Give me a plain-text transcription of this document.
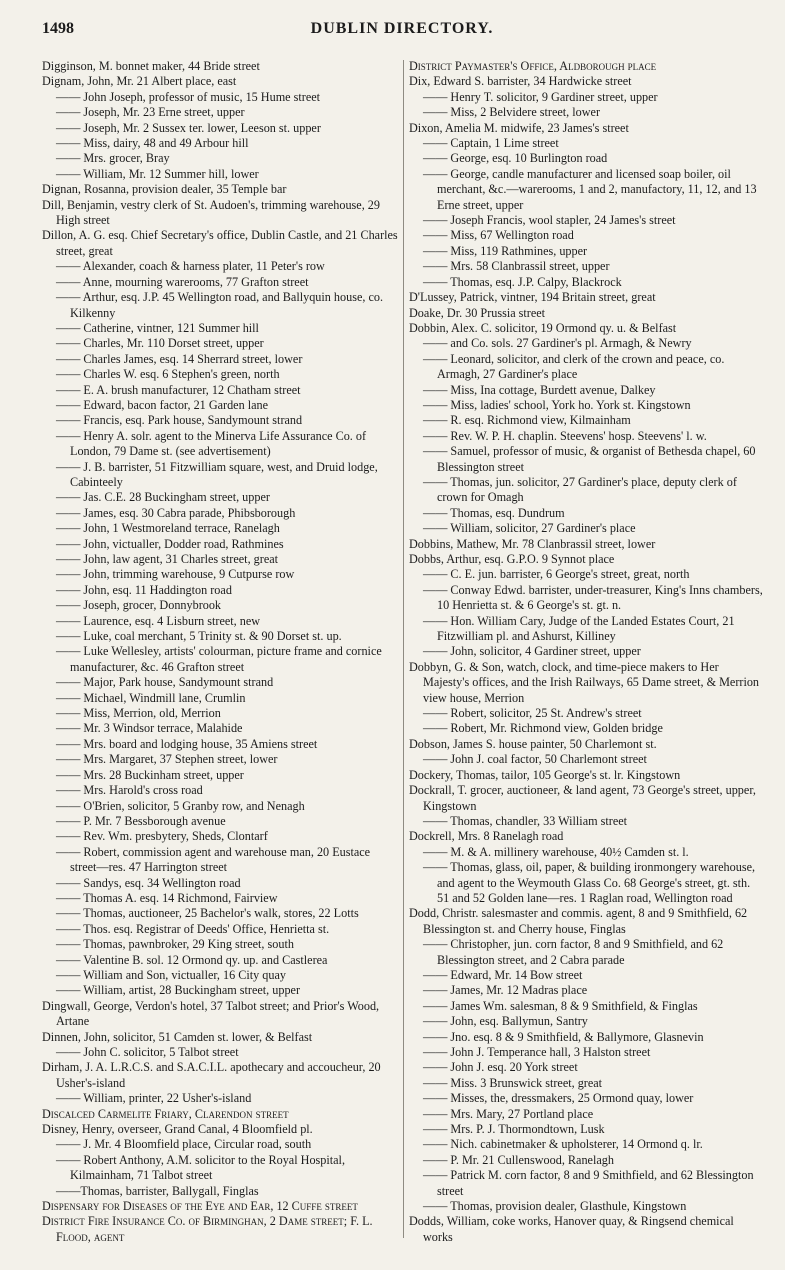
1498	DUBLIN DIRECTORY.
Digginson, M. bonnet maker, 44 Bride street
Dignam, John, Mr. 21 Albert place, east
—— John Joseph, professor of music, 15 Hume street
—— Joseph, Mr. 23 Erne street, upper
—— Joseph, Mr. 2 Sussex ter. lower, Leeson st. upper
—— Miss, dairy, 48 and 49 Arbour hill
—— Mrs. grocer, Bray
—— William, Mr. 12 Summer hill, lower
Dignan, Rosanna, provision dealer, 35 Temple bar
Dill, Benjamin, vestry clerk of St. Audoen's, trimming warehouse, 29 High street
Dillon, A. G. esq. Chief Secretary's office, Dublin Castle, and 21 Charles street, great
—— Alexander, coach & harness plater, 11 Peter's row
—— Anne, mourning warerooms, 77 Grafton street
—— Arthur, esq. J.P. 45 Wellington road, and Ballyquin house, co. Kilkenny
—— Catherine, vintner, 121 Summer hill
—— Charles, Mr. 110 Dorset street, upper
—— Charles James, esq. 14 Sherrard street, lower
—— Charles W. esq. 6 Stephen's green, north
—— E. A. brush manufacturer, 12 Chatham street
—— Edward, bacon factor, 21 Garden lane
—— Francis, esq. Park house, Sandymount strand
—— Henry A. solr. agent to the Minerva Life Assurance Co. of London, 79 Dame st. (see advertisement)
—— J. B. barrister, 51 Fitzwilliam square, west, and Druid lodge, Cabinteely
—— Jas. C.E. 28 Buckingham street, upper
—— James, esq. 30 Cabra parade, Phibsborough
—— John, 1 Westmoreland terrace, Ranelagh
—— John, victualler, Dodder road, Rathmines
—— John, law agent, 31 Charles street, great
—— John, trimming warehouse, 9 Cutpurse row
—— John, esq. 11 Haddington road
—— Joseph, grocer, Donnybrook
—— Laurence, esq. 4 Lisburn street, new
—— Luke, coal merchant, 5 Trinity st. & 90 Dorset st. up.
—— Luke Wellesley, artists' colourman, picture frame and cornice manufacturer, &c. 46 Grafton street
—— Major, Park house, Sandymount strand
—— Michael, Windmill lane, Crumlin
—— Miss, Merrion, old, Merrion
—— Mr. 3 Windsor terrace, Malahide
—— Mrs. board and lodging house, 35 Amiens street
—— Mrs. Margaret, 37 Stephen street, lower
—— Mrs. 28 Buckinham street, upper
—— Mrs. Harold's cross road
—— O'Brien, solicitor, 5 Granby row, and Nenagh
—— P. Mr. 7 Bessborough avenue
—— Rev. Wm. presbytery, Sheds, Clontarf
—— Robert, commission agent and warehouse man, 20 Eustace street—res. 47 Harrington street
—— Sandys, esq. 34 Wellington road
—— Thomas A. esq. 14 Richmond, Fairview
—— Thomas, auctioneer, 25 Bachelor's walk, stores, 22 Lotts
—— Thos. esq. Registrar of Deeds' Office, Henrietta st.
—— Thomas, pawnbroker, 29 King street, south
—— Valentine B. sol. 12 Ormond qy. up. and Castlerea
—— William and Son, victualler, 16 City quay
—— William, artist, 28 Buckingham street, upper
Dingwall, George, Verdon's hotel, 37 Talbot street; and Prior's Wood, Artane
Dinnen, John, solicitor, 51 Camden st. lower, & Belfast
—— John C. solicitor, 5 Talbot street
Dirham, J. A. L.R.C.S. and S.A.C.I.L. apothecary and accoucheur, 20 Usher's-island
—— William, printer, 22 Usher's-island
Discalced Carmelite Friary, Clarendon street
Disney, Henry, overseer, Grand Canal, 4 Bloomfield pl.
—— J. Mr. 4 Bloomfield place, Circular road, south
—— Robert Anthony, A.M. solicitor to the Royal Hospital, Kilmainham, 71 Talbot street
——Thomas, barrister, Ballygall, Finglas
Dispensary for Diseases of the Eye and Ear, 12 Cuffe street
District Fire Insurance Co. of Birminghan, 2 Dame street; F. L. Flood, agent
District Paymaster's Office, Aldborough place
Dix, Edward S. barrister, 34 Hardwicke street
—— Henry T. solicitor, 9 Gardiner street, upper
—— Miss, 2 Belvidere street, lower
Dixon, Amelia M. midwife, 23 James's street
—— Captain, 1 Lime street
—— George, esq. 10 Burlington road
—— George, candle manufacturer and licensed soap boiler, oil merchant, &c.—warerooms, 1 and 2, manufactory, 11, 12, and 13 Erne street, upper
—— Joseph Francis, wool stapler, 24 James's street
—— Miss, 67 Wellington road
—— Miss, 119 Rathmines, upper
—— Mrs. 58 Clanbrassil street, upper
—— Thomas, esq. J.P. Calpy, Blackrock
D'Lussey, Patrick, vintner, 194 Britain street, great
Doake, Dr. 30 Prussia street
Dobbin, Alex. C. solicitor, 19 Ormond qy. u. & Belfast
—— and Co. sols. 27 Gardiner's pl. Armagh, & Newry
—— Leonard, solicitor, and clerk of the crown and peace, co. Armagh, 27 Gardiner's place
—— Miss, Ina cottage, Burdett avenue, Dalkey
—— Miss, ladies' school, York ho. York st. Kingstown
—— R. esq. Richmond view, Kilmainham
—— Rev. W. P. H. chaplin. Steevens' hosp. Steevens' l. w.
—— Samuel, professor of music, & organist of Bethesda chapel, 60 Blessington street
—— Thomas, jun. solicitor, 27 Gardiner's place, deputy clerk of crown for Omagh
—— Thomas, esq. Dundrum
—— William, solicitor, 27 Gardiner's place
Dobbins, Mathew, Mr. 78 Clanbrassil street, lower
Dobbs, Arthur, esq. G.P.O. 9 Synnot place
—— C. E. jun. barrister, 6 George's street, great, north
—— Conway Edwd. barrister, under-treasurer, King's Inns chambers, 10 Henrietta st. & 6 George's st. gt. n.
—— Hon. William Cary, Judge of the Landed Estates Court, 21 Fitzwilliam pl. and Ashurst, Killiney
—— John, solicitor, 4 Gardiner street, upper
Dobbyn, G. & Son, watch, clock, and time-piece makers to Her Majesty's offices, and the Irish Railways, 65 Dame street, & Merrion view house, Merrion
—— Robert, solicitor, 25 St. Andrew's street
—— Robert, Mr. Richmond view, Golden bridge
Dobson, James S. house painter, 50 Charlemont st.
—— John J. coal factor, 50 Charlemont street
Dockery, Thomas, tailor, 105 George's st. lr. Kingstown
Dockrall, T. grocer, auctioneer, & land agent, 73 George's street, upper, Kingstown
—— Thomas, chandler, 33 William street
Dockrell, Mrs. 8 Ranelagh road
—— M. & A. millinery warehouse, 40½ Camden st. l.
—— Thomas, glass, oil, paper, & building ironmongery warehouse, and agent to the Weymouth Glass Co. 68 George's street, gt. sth. 51 and 52 Golden lane—res. 1 Raglan road, Wellington road
Dodd, Christr. salesmaster and commis. agent, 8 and 9 Smithfield, 62 Blessington st. and Cherry house, Finglas
—— Christopher, jun. corn factor, 8 and 9 Smithfield, and 62 Blessington street, and 2 Cabra parade
—— Edward, Mr. 14 Bow street
—— James, Mr. 12 Madras place
—— James Wm. salesman, 8 & 9 Smithfield, & Finglas
—— John, esq. Ballymun, Santry
—— Jno. esq. 8 & 9 Smithfield, & Ballymore, Glasnevin
—— John J. Temperance hall, 3 Halston street
—— John J. esq. 20 York street
—— Miss. 3 Brunswick street, great
—— Misses, the, dressmakers, 25 Ormond quay, lower
—— Mrs. Mary, 27 Portland place
—— Mrs. P. J. Thormondtown, Lusk
—— Nich. cabinetmaker & upholsterer, 14 Ormond q. lr.
—— P. Mr. 21 Cullenswood, Ranelagh
—— Patrick M. corn factor, 8 and 9 Smithfield, and 62 Blessington street
—— Thomas, provision dealer, Glasthule, Kingstown
Dodds, William, coke works, Hanover quay, & Ringsend chemical works
